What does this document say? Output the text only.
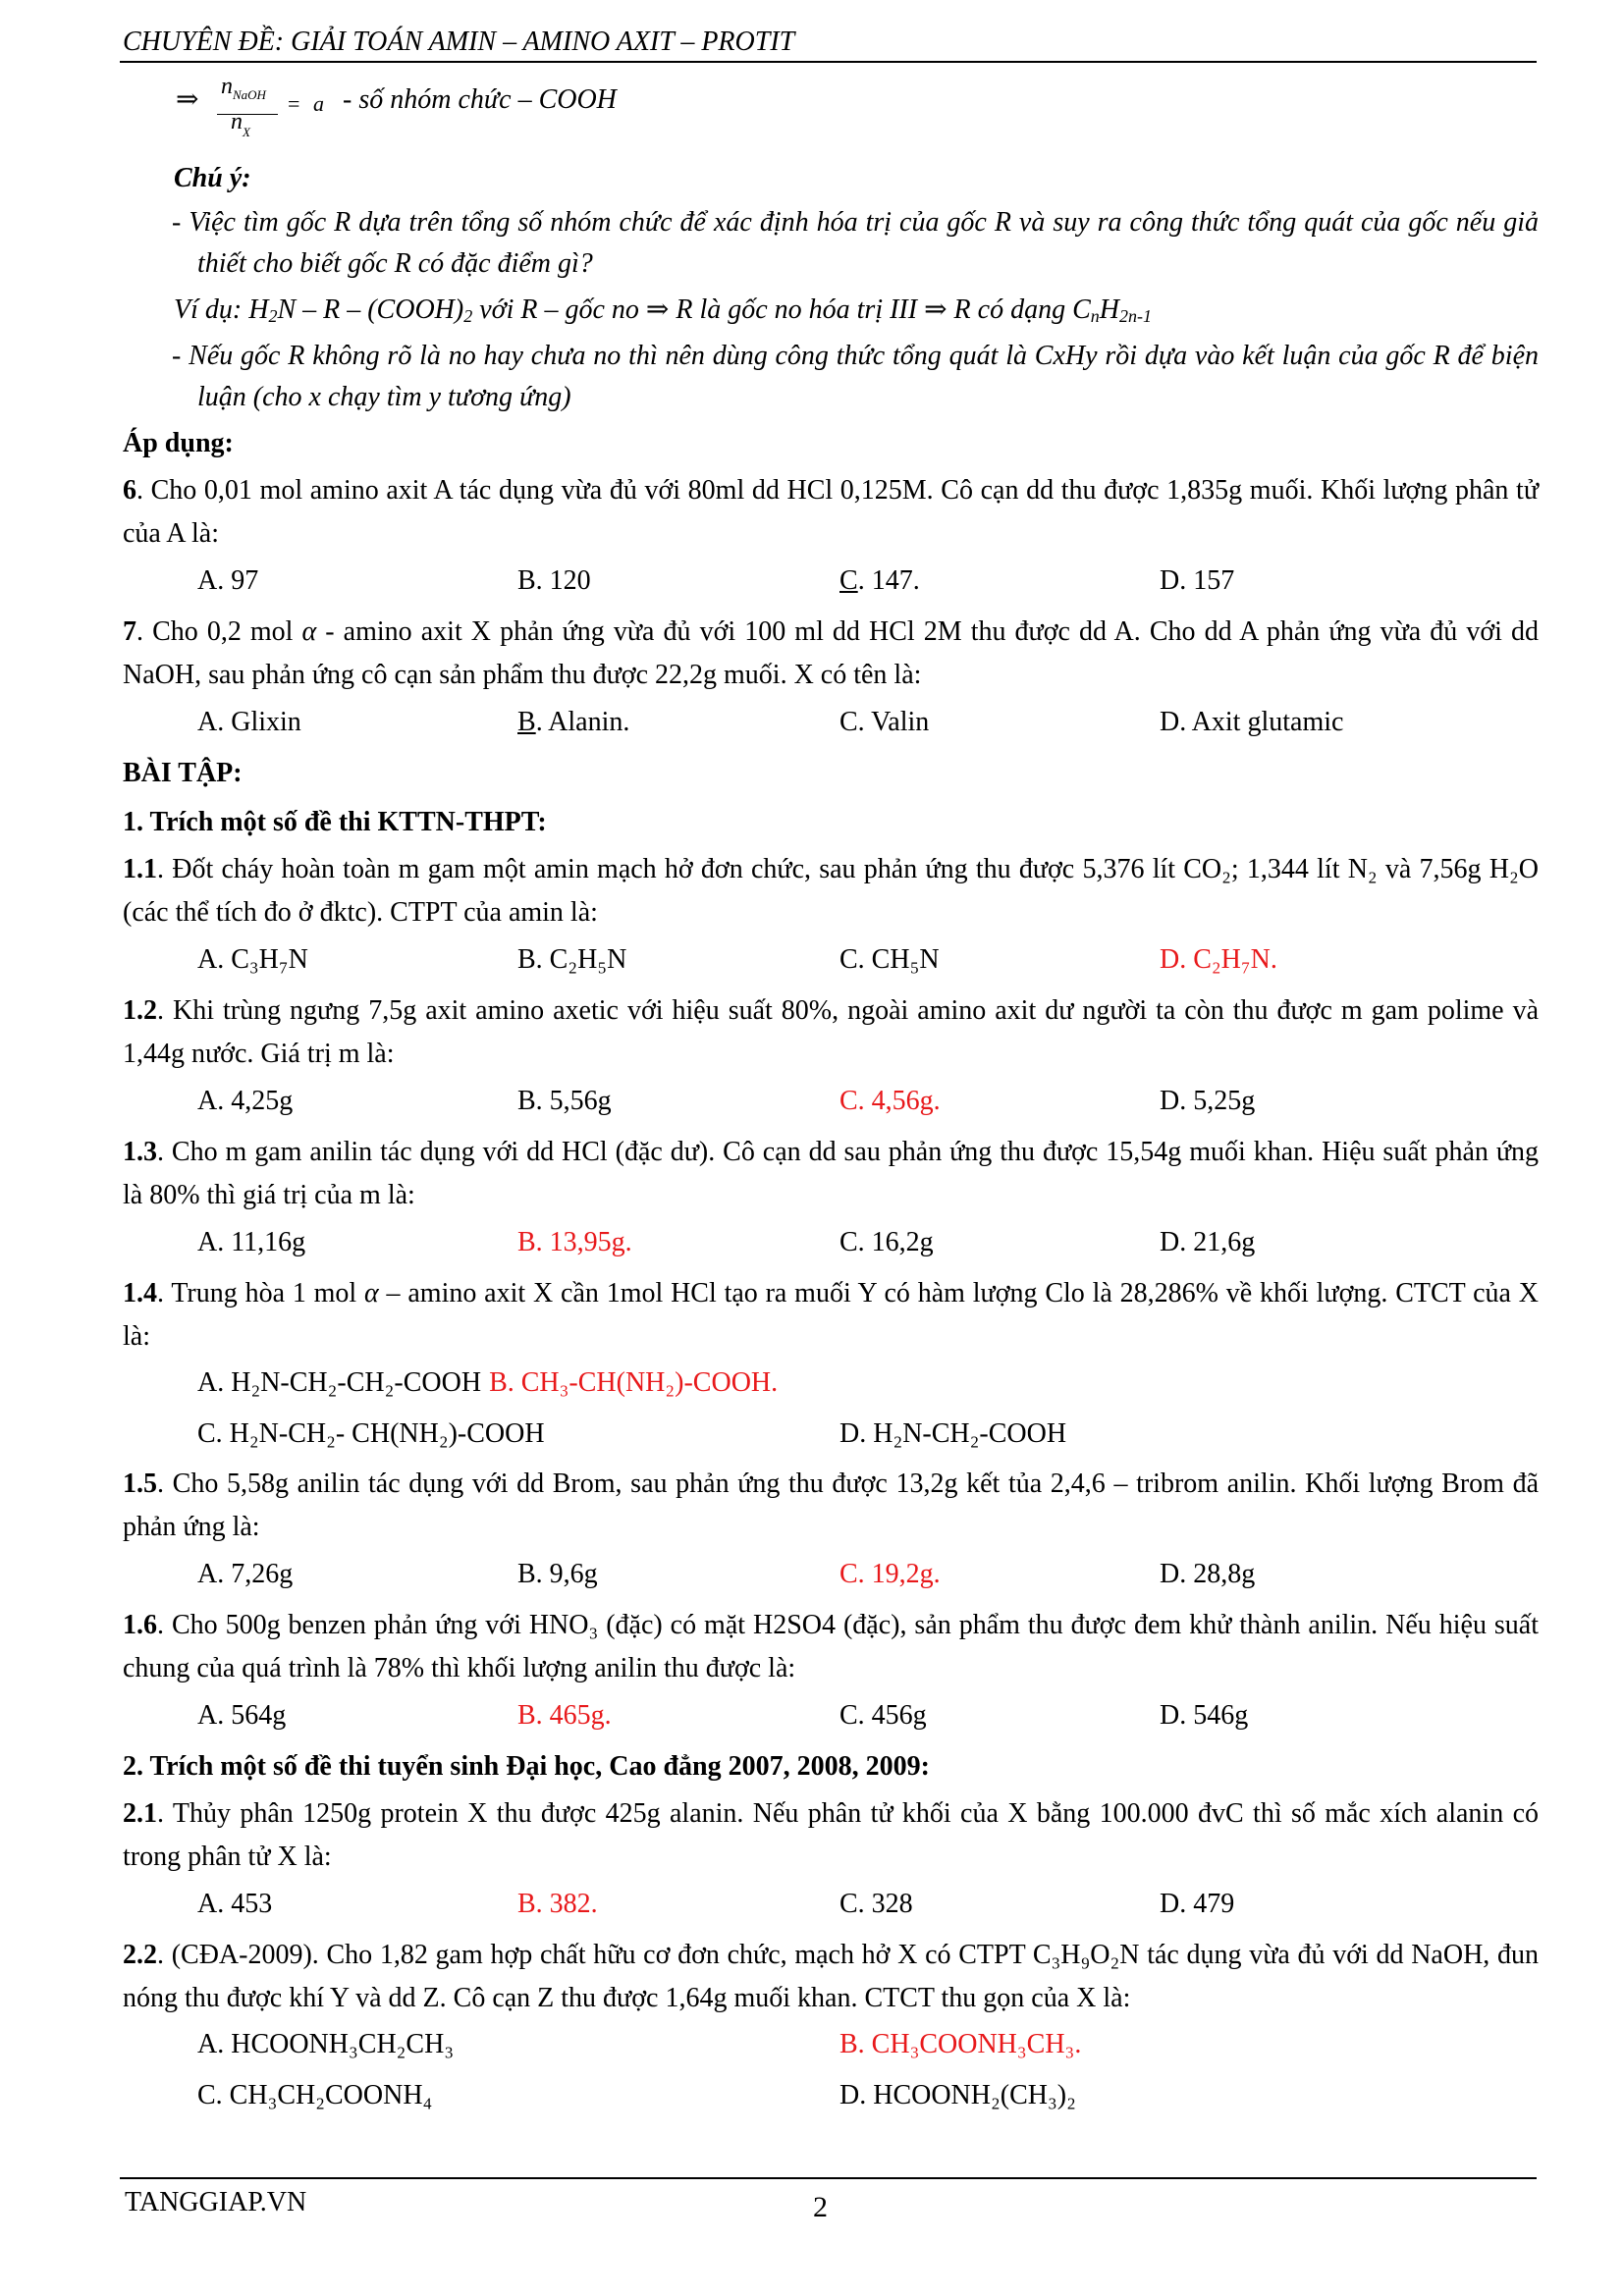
CHUYÊN ĐỀ: GIẢI TOÁN AMIN – AMINO AXIT – PROTIT
⇒ $n_{NaOH}$
$n_X$
= a - số nhóm chức – COOH

Chú ý:

- Việc tìm gốc R dựa trên tổng số nhóm chức để xác định hóa trị của gốc R và suy ra công thức tổng quát của gốc nếu giả thiết cho biết gốc R có đặc điểm gì?

Ví dụ: $H_2N$ – R – $(COOH)_2$ với R – gốc no ⇒ R là gốc no hóa trị III ⇒ R có dạng $C_nH_{2n-1}$

- Nếu gốc R không rõ là no hay chưa no thì nên dùng công thức tổng quát là CxHy rồi dựa vào kết luận của gốc R để biện luận (cho x chạy tìm y tương ứng)

Áp dụng:

6. Cho 0,01 mol amino axit A tác dụng vừa đủ với 80ml dd HCl 0,125M. Cô cạn dd thu được 1,835g muối. Khối lượng phân tử của A là:

A. 97	B. 120	C. 147.	D. 157

7. Cho 0,2 mol α - amino axit X phản ứng vừa đủ với 100 ml dd HCl 2M thu được dd A. Cho dd A phản ứng vừa đủ với dd NaOH, sau phản ứng cô cạn sản phẩm thu được 22,2g muối. X có tên là:

A. Glixin	B. Alanin.	C. Valin	D. Axit glutamic

BÀI TẬP:

1. Trích một số đề thi KTTN-THPT:

1.1. Đốt cháy hoàn toàn m gam một amin mạch hở đơn chức, sau phản ứng thu được 5,376 lít CO₂; 1,344 lít N₂ và 7,56g H₂O (các thể tích đo ở đktc). CTPT của amin là:

A. C₃H₇N	B. C₂H₅N	C. CH₅N	D. C₂H₇N.

1.2. Khi trùng ngưng 7,5g axit amino axetic với hiệu suất 80%, ngoài amino axit dư người ta còn thu được m gam polime và 1,44g nước. Giá trị m là:

A. 4,25g	B. 5,56g	C. 4,56g.	D. 5,25g

1.3. Cho m gam anilin tác dụng với dd HCl (đặc dư). Cô cạn dd sau phản ứng thu được 15,54g muối khan. Hiệu suất phản ứng là 80% thì giá trị của m là:

A. 11,16g	B. 13,95g.	C. 16,2g	D. 21,6g

1.4. Trung hòa 1 mol α – amino axit X cần 1mol HCl tạo ra muối Y có hàm lượng Clo là 28,286% về khối lượng. CTCT của X là:

A. H₂N-CH₂-CH₂-COOH B. CH₃-CH(NH₂)-COOH.
C. H₂N-CH₂- CH(NH₂)-COOH	D. H₂N-CH₂-COOH

1.5. Cho 5,58g anilin tác dụng với dd Brom, sau phản ứng thu được 13,2g kết tủa 2,4,6 – tribrom anilin. Khối lượng Brom đã phản ứng là:

A. 7,26g	B. 9,6g	C. 19,2g.	D. 28,8g

1.6. Cho 500g benzen phản ứng với HNO₃ (đặc) có mặt H2SO4 (đặc), sản phẩm thu được đem khử thành anilin. Nếu hiệu suất chung của quá trình là 78% thì khối lượng anilin thu được là:

A. 564g	B. 465g.	C. 456g	D. 546g

2. Trích một số đề thi tuyển sinh Đại học, Cao đẳng 2007, 2008, 2009:

2.1. Thủy phân 1250g protein X thu được 425g alanin. Nếu phân tử khối của X bằng 100.000 đvC thì số mắc xích alanin có trong phân tử X là:

A. 453	B. 382.	C. 328	D. 479

2.2. (CĐA-2009). Cho 1,82 gam hợp chất hữu cơ đơn chức, mạch hở X có CTPT C₃H₉O₂N tác dụng vừa đủ với dd NaOH, đun nóng thu được khí Y và dd Z. Cô cạn Z thu được 1,64g muối khan. CTCT thu gọn của X là:

A. HCOONH₃CH₂CH₃	B. CH₃COONH₃CH₃.
C. CH₃CH₂COONH₄	D. HCOONH₂(CH₃)₂
TANGGIAP.VN	2
